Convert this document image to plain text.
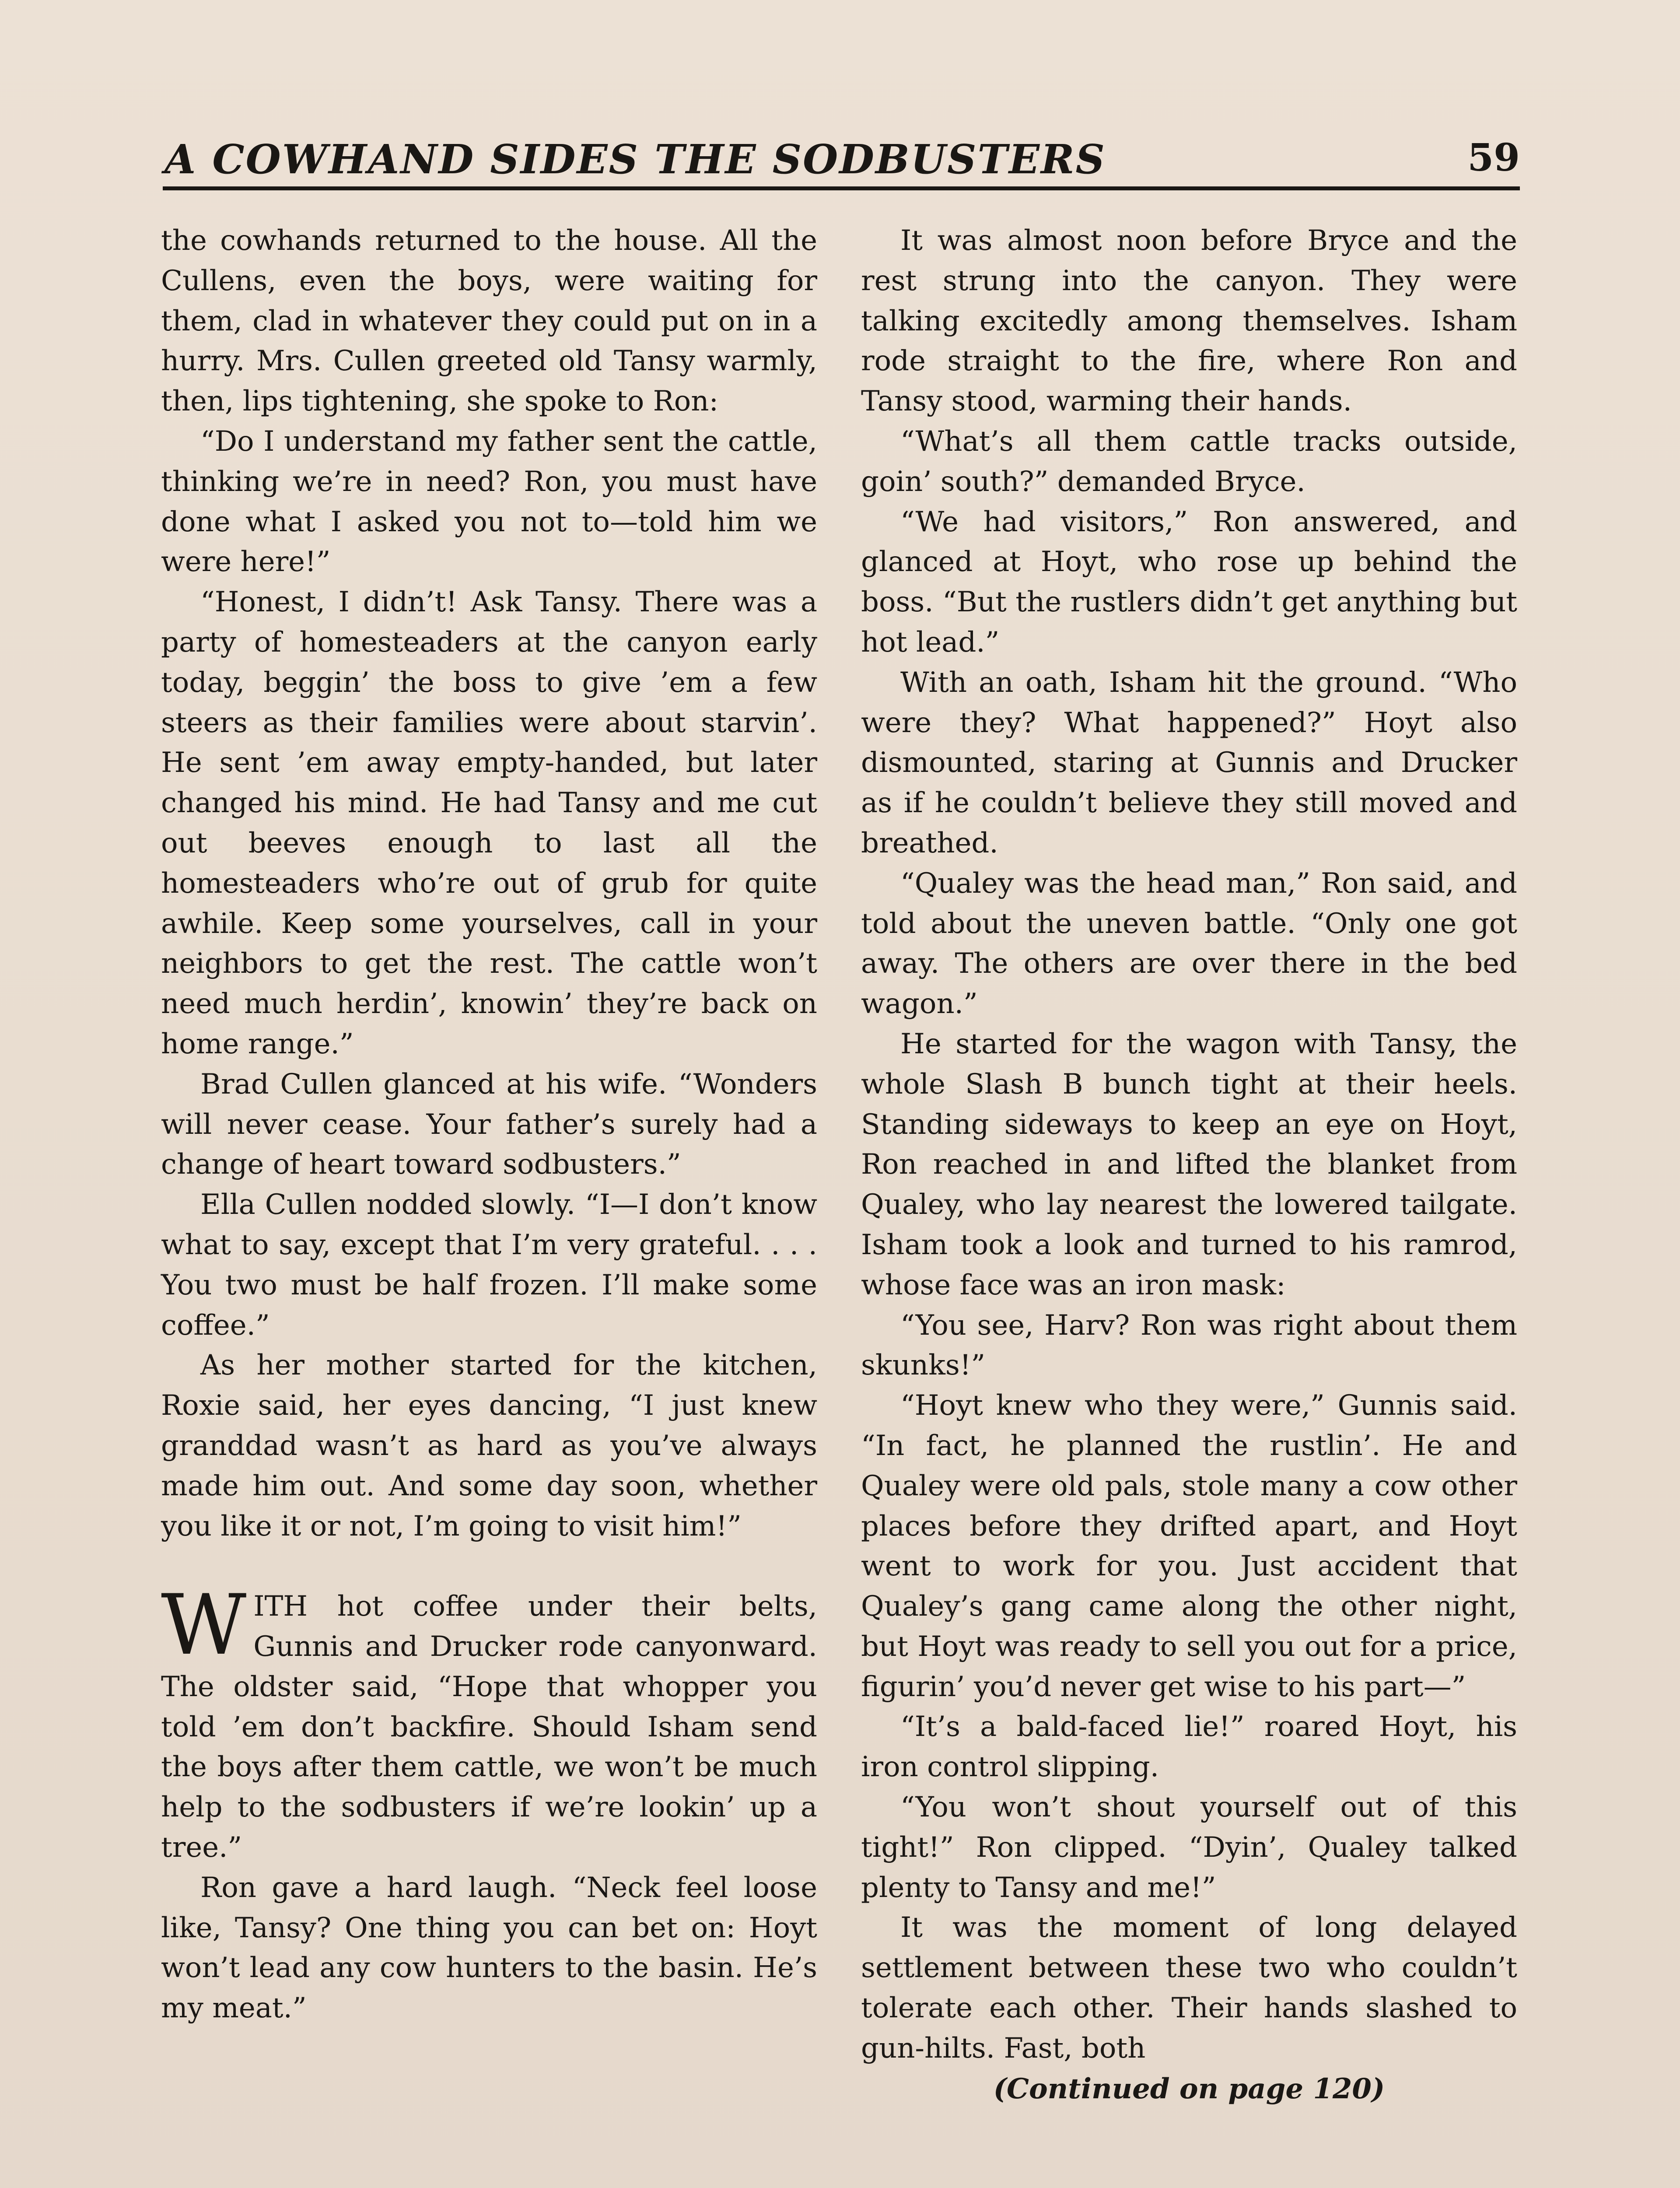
A COWHAND SIDES THE SODBUSTERS	59

the cowhands returned to the house. All the Cullens, even the boys, were waiting for them, clad in whatever they could put on in a hurry. Mrs. Cullen greeted old Tansy warmly, then, lips tightening, she spoke to Ron:

“Do I understand my father sent the cattle, thinking we’re in need? Ron, you must have done what I asked you not to—told him we were here!”

“Honest, I didn’t! Ask Tansy. There was a party of homesteaders at the canyon early today, beggin’ the boss to give ’em a few steers as their families were about starvin’. He sent ’em away empty-handed, but later changed his mind. He had Tansy and me cut out beeves enough to last all the homesteaders who’re out of grub for quite awhile. Keep some yourselves, call in your neighbors to get the rest. The cattle won’t need much herdin’, knowin’ they’re back on home range.”

Brad Cullen glanced at his wife. “Wonders will never cease. Your father’s surely had a change of heart toward sodbusters.”

Ella Cullen nodded slowly. “I—I don’t know what to say, except that I’m very grateful. . . . You two must be half frozen. I’ll make some coffee.”

As her mother started for the kitchen, Roxie said, her eyes dancing, “I just knew granddad wasn’t as hard as you’ve always made him out. And some day soon, whether you like it or not, I’m going to visit him!”

WITH hot coffee under their belts, Gunnis and Drucker rode canyonward. The oldster said, “Hope that whopper you told ’em don’t backfire. Should Isham send the boys after them cattle, we won’t be much help to the sodbusters if we’re lookin’ up a tree.”

Ron gave a hard laugh. “Neck feel loose like, Tansy? One thing you can bet on: Hoyt won’t lead any cow hunters to the basin. He’s my meat.”

It was almost noon before Bryce and the rest strung into the canyon. They were talking excitedly among themselves. Isham rode straight to the fire, where Ron and Tansy stood, warming their hands.

“What’s all them cattle tracks outside, goin’ south?” demanded Bryce.

“We had visitors,” Ron answered, and glanced at Hoyt, who rose up behind the boss. “But the rustlers didn’t get anything but hot lead.”

With an oath, Isham hit the ground. “Who were they? What happened?” Hoyt also dismounted, staring at Gunnis and Drucker as if he couldn’t believe they still moved and breathed.

“Qualey was the head man,” Ron said, and told about the uneven battle. “Only one got away. The others are over there in the bed wagon.”

He started for the wagon with Tansy, the whole Slash B bunch tight at their heels. Standing sideways to keep an eye on Hoyt, Ron reached in and lifted the blanket from Qualey, who lay nearest the lowered tailgate. Isham took a look and turned to his ramrod, whose face was an iron mask:

“You see, Harv? Ron was right about them skunks!”

“Hoyt knew who they were,” Gunnis said. “In fact, he planned the rustlin’. He and Qualey were old pals, stole many a cow other places before they drifted apart, and Hoyt went to work for you. Just accident that Qualey’s gang came along the other night, but Hoyt was ready to sell you out for a price, figurin’ you’d never get wise to his part—”

“It’s a bald-faced lie!” roared Hoyt, his iron control slipping.

“You won’t shout yourself out of this tight!” Ron clipped. “Dyin’, Qualey talked plenty to Tansy and me!”

It was the moment of long delayed settlement between these two who couldn’t tolerate each other. Their hands slashed to gun-hilts. Fast, both

(Continued on page 120)
